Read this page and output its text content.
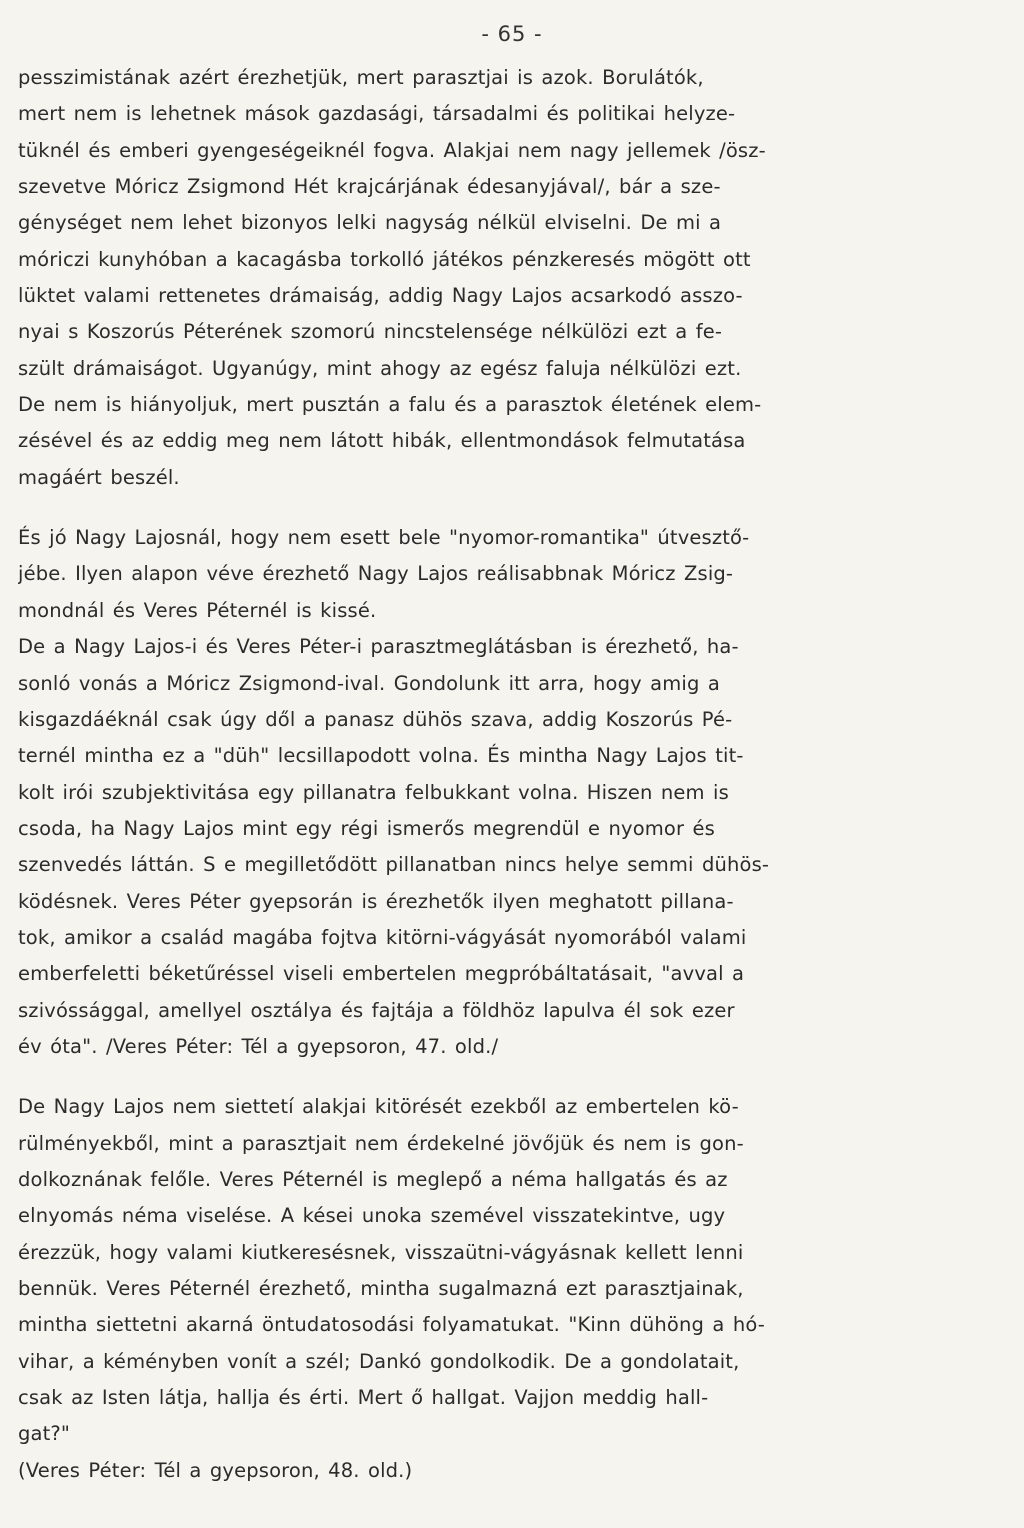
- 65 -
pesszimistának azért érezhetjük, mert parasztjai is azok. Borulátók,
mert nem is lehetnek mások gazdasági, társadalmi és politikai helyze-
tüknél és emberi gyengeségeiknél fogva. Alakjai nem nagy jellemek /ösz-
szevetve Móricz Zsigmond Hét krajcárjának édesanyjával/, bár a sze-
génységet nem lehet bizonyos lelki nagyság nélkül elviselni. De mi a
móriczi kunyhóban a kacagásba torkolló játékos pénzkeresés mögött ott
lüktet valami rettenetes drámaiság, addig Nagy Lajos acsarkodó asszo-
nyai s Koszorús Péterének szomorú nincstelensége nélkülözi ezt a fe-
szült drámaiságot. Ugyanúgy, mint ahogy az egész faluja nélkülözi ezt.
De nem is hiányoljuk, mert pusztán a falu és a parasztok életének elem-
zésével és az eddig meg nem látott hibák, ellentmondások felmutatása
magáért beszél.
És jó Nagy Lajosnál, hogy nem esett bele "nyomor-romantika" útvesztő-
jébe. Ilyen alapon véve érezhető Nagy Lajos reálisabbnak Móricz Zsig-
mondnál és Veres Péternél is kissé.
De a Nagy Lajos-i és Veres Péter-i parasztmeglátásban is érezhető, ha-
sonló vonás a Móricz Zsigmond-ival. Gondolunk itt arra, hogy amig a
kisgazdáéknál csak úgy dől a panasz dühös szava, addig Koszorús Pé-
ternél mintha ez a "düh" lecsillapodott volna. És mintha Nagy Lajos tit-
kolt irói szubjektivitása egy pillanatra felbukkant volna. Hiszen nem is
csoda, ha Nagy Lajos mint egy régi ismerős megrendül e nyomor és
szenvedés láttán. S e megilletődött pillanatban nincs helye semmi dühös-
ködésnek. Veres Péter gyepsorán is érezhetők ilyen meghatott pillana-
tok, amikor a család magába fojtva kitörni-vágyását nyomorából valami
emberfeletti béketűréssel viseli embertelen megpróbáltatásait, "avval a
szivóssággal, amellyel osztálya és fajtája a földhöz lapulva él sok ezer
év óta". /Veres Péter: Tél a gyepsoron, 47. old./
De Nagy Lajos nem siettetí alakjai kitörését ezekből az embertelen kö-
rülményekből, mint a parasztjait nem érdekelné jövőjük és nem is gon-
dolkoznának felőle. Veres Péternél is meglepő a néma hallgatás és az
elnyomás néma viselése. A kései unoka szemével visszatekintve, ugy
érezzük, hogy valami kiutkeresésnek, visszaütni-vágyásnak kellett lenni
bennük. Veres Péternél érezhető, mintha sugalmazná ezt parasztjainak,
mintha siettetni akarná öntudatosodási folyamatukat. "Kinn dühöng a hó-
vihar, a kéményben vonít a szél; Dankó gondolkodik. De a gondolatait,
csak az Isten látja, hallja és érti. Mert ő hallgat. Vajjon meddig hall-
gat?"
(Veres Péter: Tél a gyepsoron, 48. old.)
